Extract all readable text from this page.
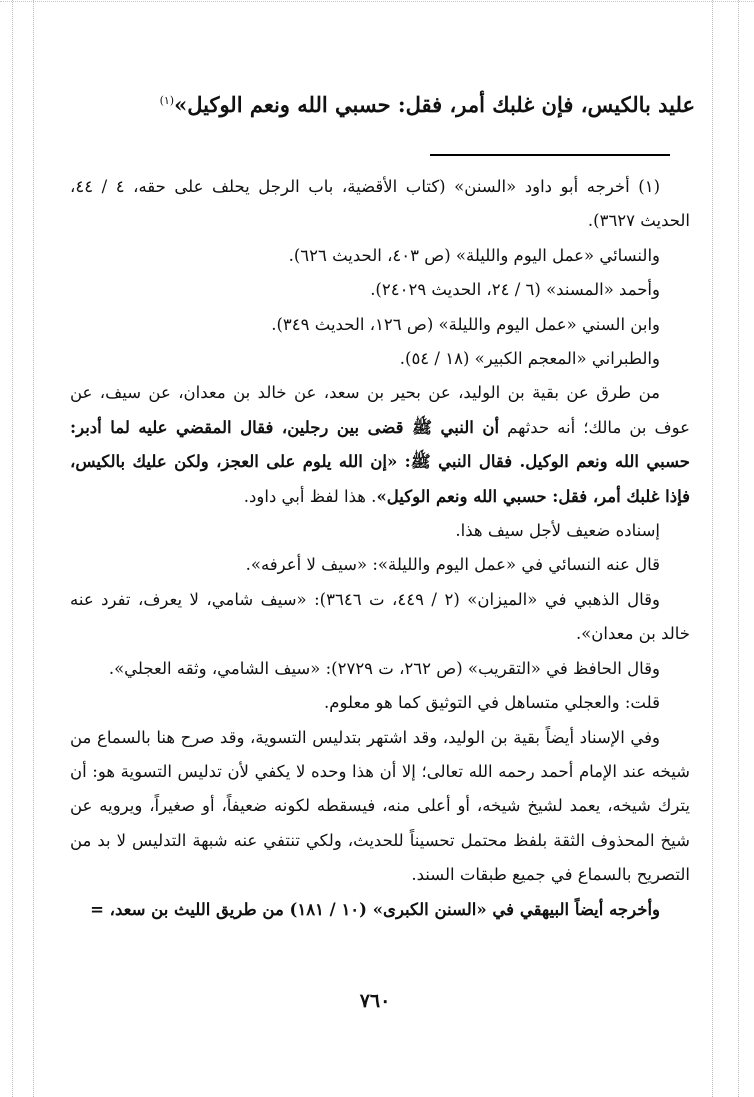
عليد بالكيس، فإن غلبك أمر، فقل: حسبي الله ونعم الوكيل»$^{(١)}$

(١) أخرجه أبو داود «السنن» (كتاب الأقضية، باب الرجل يحلف على حقه، ٤ / ٤٤، الحديث ٣٦٢٧).

والنسائي «عمل اليوم والليلة» (ص ٤٠٣، الحديث ٦٢٦).

وأحمد «المسند» (٦ / ٢٤، الحديث ٢٤٠٢٩).

وابن السني «عمل اليوم والليلة» (ص ١٢٦، الحديث ٣٤٩).

والطبراني «المعجم الكبير» (١٨ / ٥٤).

من طرق عن بقية بن الوليد، عن بحير بن سعد، عن خالد بن معدان، عن سيف، عن عوف بن مالك؛ أنه حدثهم أن النبي ﷺ قضى بين رجلين، فقال المقضي عليه لما أدبر: حسبي الله ونعم الوكيل. فقال النبي ﷺ: «إن الله يلوم على العجز، ولكن عليك بالكيس، فإذا غلبك أمر، فقل: حسبي الله ونعم الوكيل». هذا لفظ أبي داود.

إسناده ضعيف لأجل سيف هذا.

قال عنه النسائي في «عمل اليوم والليلة»: «سيف لا أعرفه».

وقال الذهبي في «الميزان» (٢ / ٤٤٩، ت ٣٦٤٦): «سيف شامي، لا يعرف، تفرد عنه خالد بن معدان».

وقال الحافظ في «التقريب» (ص ٢٦٢، ت ٢٧٢٩): «سيف الشامي، وثقه العجلي».

قلت: والعجلي متساهل في التوثيق كما هو معلوم.

وفي الإسناد أيضاً بقية بن الوليد، وقد اشتهر بتدليس التسوية، وقد صرح هنا بالسماع من شيخه عند الإمام أحمد رحمه الله تعالى؛ إلا أن هذا وحده لا يكفي لأن تدليس التسوية هو: أن يترك شيخه، يعمد لشيخ شيخه، أو أعلى منه، فيسقطه لكونه ضعيفاً، أو صغيراً، ويرويه عن شيخ المحذوف الثقة بلفظ محتمل تحسيناً للحديث، ولكي تنتفي عنه شبهة التدليس لا بد من التصريح بالسماع في جميع طبقات السند.

وأخرجه أيضاً البيهقي في «السنن الكبرى» (١٠ / ١٨١) من طريق الليث بن سعد، =

٧٦٠
